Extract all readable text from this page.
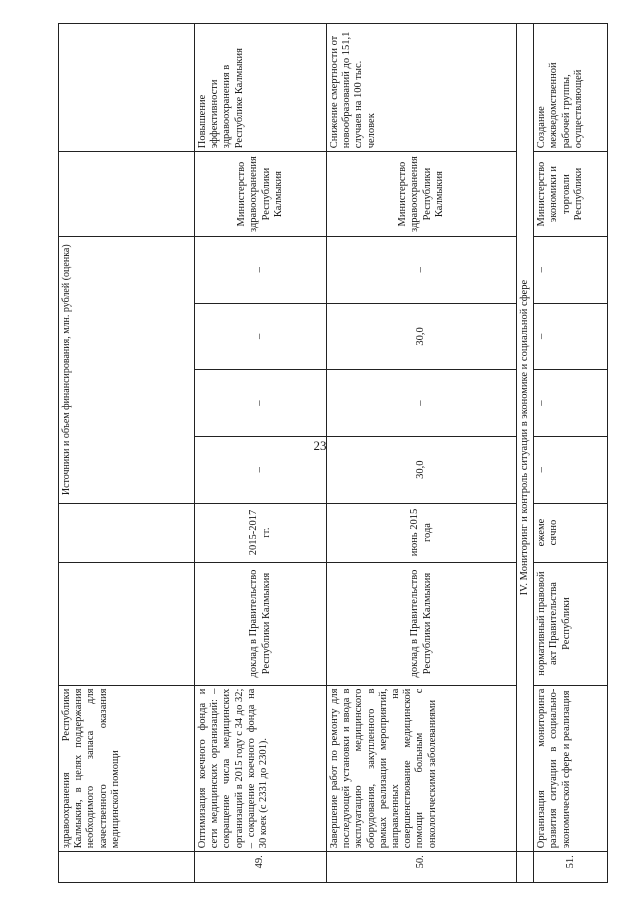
23
	здравоохранения Республики Калмыкия, в целях поддержания необходимого запаса для качественного оказания медицинской помощи			Источники и объем финансирования, млн. рублей (оценка)					
49.	Оптимизация коечного фонда и сети медицинских организаций: – сокращение числа медицинских организаций в 2015 году с 34 до 32; – сокращение коечного фонда на 30 коек (с 2331 до 2301).	доклад в Правительство Республики Калмыкия	2015-2017 гг.	–	–	–	–	Министерство здравоохранения Республики Калмыкия	Повышение эффективности здравоохранения в Республике Калмыкия
50.	Завершение работ по ремонту для последующей установки и ввода в эксплуатацию медицинского оборудования, закупленного в рамках реализации мероприятий, направленных на совершенствование медицинской помощи больным с онкологическими заболеваниями	доклад в Правительство Республики Калмыкия	июнь 2015 года	30,0	–	30,0	–	Министерство здравоохранения Республики Калмыкия	Снижение смертности от новообразований до 151,1 случаев на 100 тыс. человек
	IV. Мониторинг и контроль ситуации в экономике и социальной сфере								
51.	Организация мониторинга развития ситуации в социально-экономической сфере и реализация	нормативный правовой акт Правительства Республики	ежеме сячно	–	–	–	–	Министерство экономики и торговли Республики	Создание межведомственной рабочей группы, осуществляющей
